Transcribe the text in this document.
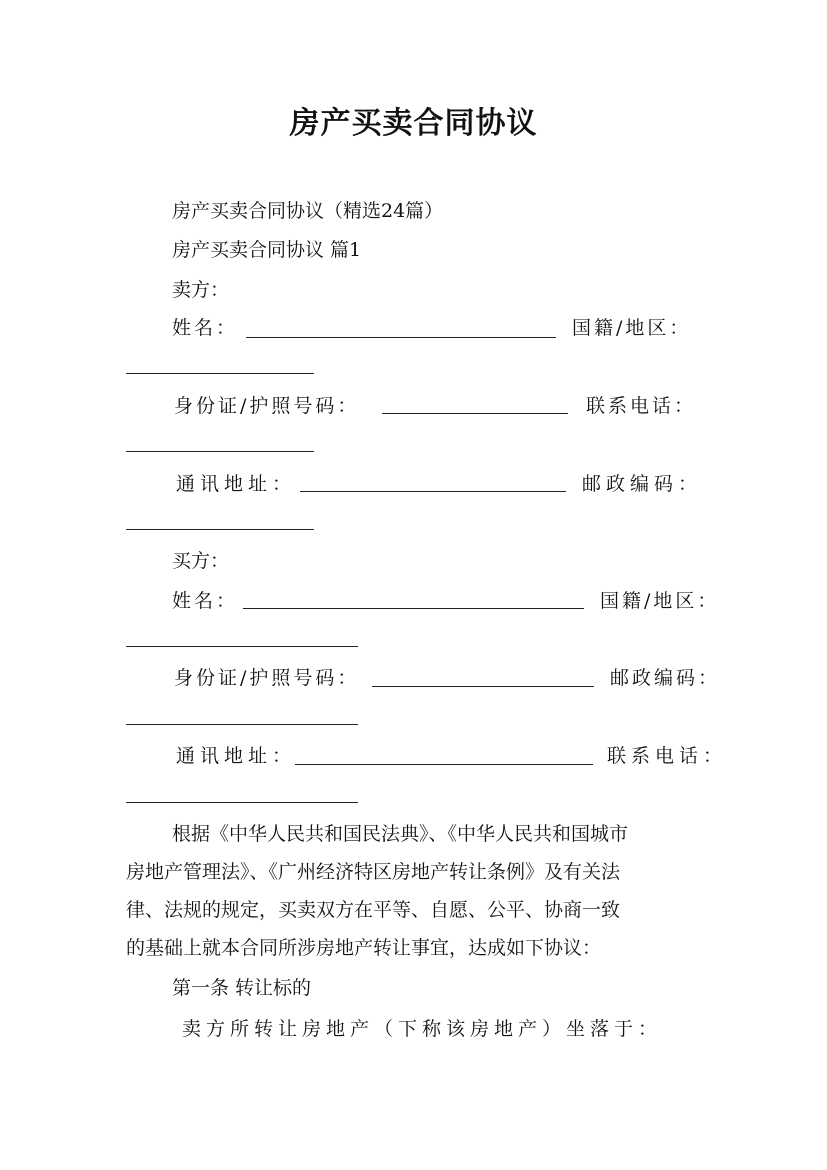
房产买卖合同协议
房产买卖合同协议（精选24篇）
房产买卖合同协议 篇1
卖方：
姓名：	国籍/地区：
身份证/护照号码：	联系电话：
通讯地址：	邮政编码：
买方：
姓名：	国籍/地区：
身份证/护照号码：	邮政编码：
通讯地址：	联系电话：
根据《中华人民共和国民法典》、《中华人民共和国城市
房地产管理法》、《广州经济特区房地产转让条例》及有关法
律、法规的规定，买卖双方在平等、自愿、公平、协商一致
的基础上就本合同所涉房地产转让事宜，达成如下协议：
第一条 转让标的
卖方所转让房地产（下称该房地产）坐落于：
